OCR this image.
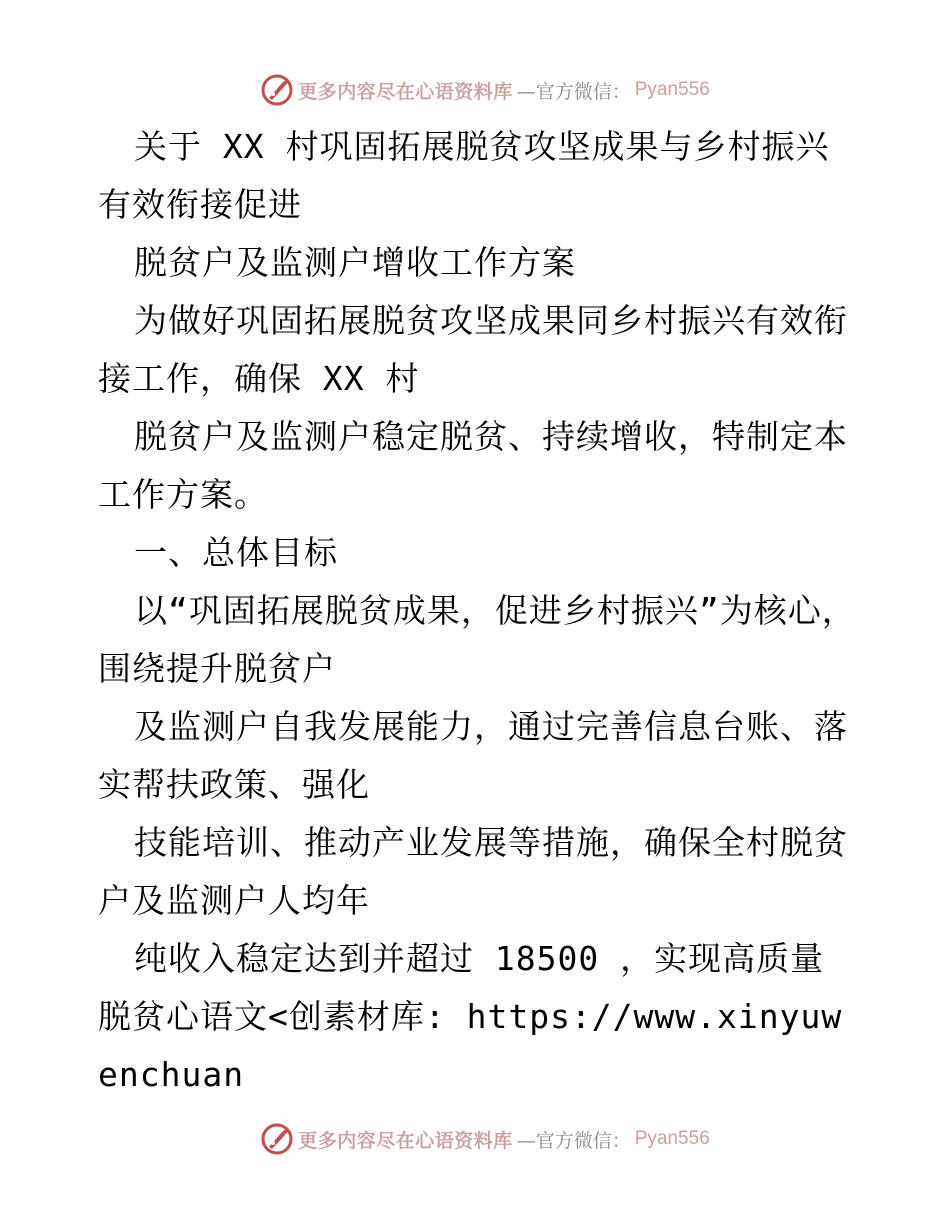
更多内容尽在心语资料库 —官方微信： Pyan556

关于 XX 村巩固拓展脱贫攻坚成果与乡村振兴有效衔接促进

脱贫户及监测户增收工作方案

为做好巩固拓展脱贫攻坚成果同乡村振兴有效衔接工作，确保 XX 村

脱贫户及监测户稳定脱贫、持续增收，特制定本工作方案。

一、总体目标

以“巩固拓展脱贫成果，促进乡村振兴”为核心，围绕提升脱贫户

及监测户自我发展能力，通过完善信息台账、落实帮扶政策、强化

技能培训、推动产业发展等措施，确保全村脱贫户及监测户人均年

纯收入稳定达到并超过 18500 ，实现高质量脱贫心语文<创素材库: https://www.xinyuwenchuan

更多内容尽在心语资料库 —官方微信： Pyan556
